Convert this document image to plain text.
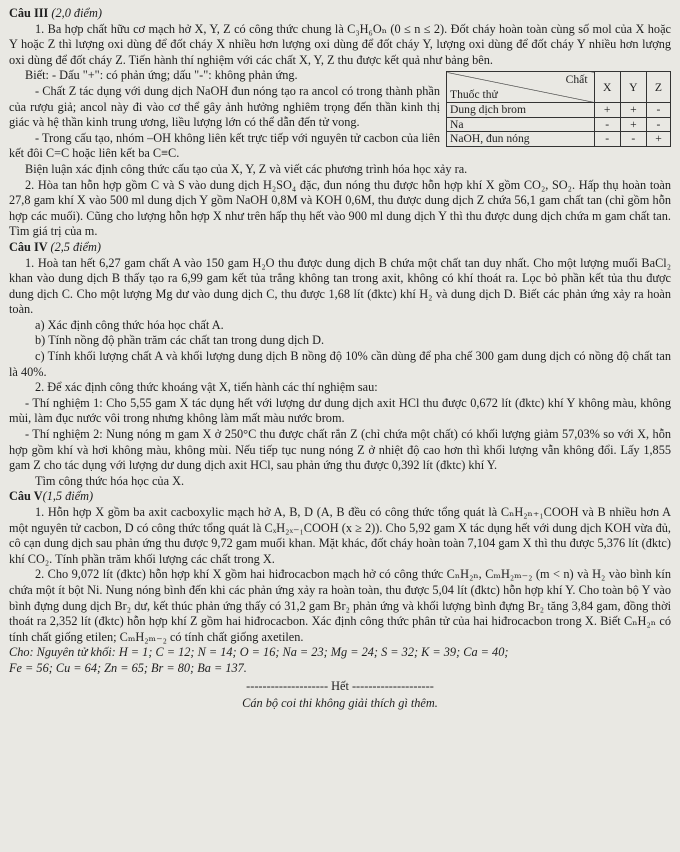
Câu III (2,0 điểm)

1. Ba hợp chất hữu cơ mạch hở X, Y, Z có công thức chung là C₃H₆Oₙ (0 ≤ n ≤ 2). Đốt cháy hoàn toàn cùng số mol của X hoặc Y hoặc Z thì lượng oxi dùng để đốt cháy X nhiều hơn lượng oxi dùng để đốt cháy Y, lượng oxi dùng để đốt cháy Y nhiều hơn lượng oxi dùng để đốt cháy Z. Tiến hành thí nghiệm với các chất X, Y, Z thu được kết quả như bảng bên.

Chất
Thuốc thử	X	Y	Z
Dung dịch brom	+	+	-
Na	-	+	-
NaOH, đun nóng	-	-	+

Biết: - Dấu "+": có phản ứng; dấu "-": không phản ứng.

- Chất Z tác dụng với dung dịch NaOH đun nóng tạo ra ancol có trong thành phần của rượu giả; ancol này đi vào cơ thể gây ảnh hưởng nghiêm trọng đến thần kinh thị giác và hệ thần kinh trung ương, liều lượng lớn có thể dẫn đến tử vong.

- Trong cấu tạo, nhóm –OH không liên kết trực tiếp với nguyên tử cacbon của liên kết đôi C=C hoặc liên kết ba C≡C.

Biện luận xác định công thức cấu tạo của X, Y, Z và viết các phương trình hóa học xảy ra.

2. Hòa tan hỗn hợp gồm C và S vào dung dịch H₂SO₄ đặc, đun nóng thu được hỗn hợp khí X gồm CO₂, SO₂. Hấp thụ hoàn toàn 27,8 gam khí X vào 500 ml dung dịch Y gồm NaOH 0,8M và KOH 0,6M, thu được dung dịch Z chứa 56,1 gam chất tan (chỉ gồm hỗn hợp các muối). Cũng cho lượng hỗn hợp X như trên hấp thụ hết vào 900 ml dung dịch Y thì thu được dung dịch chứa m gam chất tan. Tìm giá trị của m.

Câu IV (2,5 điểm)

1. Hoà tan hết 6,27 gam chất A vào 150 gam H₂O thu được dung dịch B chứa một chất tan duy nhất. Cho một lượng muối BaCl₂ khan vào dung dịch B thấy tạo ra 6,99 gam kết tủa trắng không tan trong axit, không có khí thoát ra. Lọc bỏ phần kết tủa thu được dung dịch C. Cho một lượng Mg dư vào dung dịch C, thu được 1,68 lít (đktc) khí H₂ và dung dịch D. Biết các phản ứng xảy ra hoàn toàn.

a) Xác định công thức hóa học chất A.

b) Tính nồng độ phần trăm các chất tan trong dung dịch D.

c) Tính khối lượng chất A và khối lượng dung dịch B nồng độ 10% cần dùng để pha chế 300 gam dung dịch có nồng độ chất tan là 40%.

2. Để xác định công thức khoáng vật X, tiến hành các thí nghiệm sau:

- Thí nghiệm 1: Cho 5,55 gam X tác dụng hết với lượng dư dung dịch axit HCl thu được 0,672 lít (đktc) khí Y không màu, không mùi, làm đục nước vôi trong nhưng không làm mất màu nước brom.

- Thí nghiệm 2: Nung nóng m gam X ở 250°C thu được chất rắn Z (chỉ chứa một chất) có khối lượng giảm 57,03% so với X, hỗn hợp gồm khí và hơi không màu, không mùi. Nếu tiếp tục nung nóng Z ở nhiệt độ cao hơn thì khối lượng vẫn không đổi. Lấy 1,855 gam Z cho tác dụng với lượng dư dung dịch axit HCl, sau phản ứng thu được 0,392 lít (đktc) khí Y.

Tìm công thức hóa học của X.

Câu V(1,5 điểm)

1. Hỗn hợp X gồm ba axit cacboxylic mạch hở A, B, D (A, B đều có công thức tổng quát là CₙH₂ₙ₊₁COOH và B nhiều hơn A một nguyên tử cacbon, D có công thức tổng quát là CₓH₂ₓ₋₁COOH (x ≥ 2)). Cho 5,92 gam X tác dụng hết với dung dịch KOH vừa đủ, cô cạn dung dịch sau phản ứng thu được 9,72 gam muối khan. Mặt khác, đốt cháy hoàn toàn 7,104 gam X thì thu được 5,376 lít (đktc) khí CO₂. Tính phần trăm khối lượng các chất trong X.

2. Cho 9,072 lít (đktc) hỗn hợp khí X gồm hai hiđrocacbon mạch hở có công thức CₙH₂ₙ, CₘH₂ₘ₋₂ (m < n) và H₂ vào bình kín chứa một ít bột Ni. Nung nóng bình đến khi các phản ứng xảy ra hoàn toàn, thu được 5,04 lít (đktc) hỗn hợp khí Y. Cho toàn bộ Y vào bình đựng dung dịch Br₂ dư, kết thúc phản ứng thấy có 31,2 gam Br₂ phản ứng và khối lượng bình đựng Br₂ tăng 3,84 gam, đồng thời thoát ra 2,352 lít (đktc) hỗn hợp khí Z gồm hai hiđrocacbon. Xác định công thức phân tử của hai hiđrocacbon trong X. Biết CₙH₂ₙ có tính chất giống etilen; CₘH₂ₘ₋₂ có tính chất giống axetilen.

Cho: Nguyên tử khối: H = 1; C = 12; N = 14; O = 16; Na = 23; Mg = 24; S = 32; K = 39; Ca = 40;

Fe = 56; Cu = 64; Zn = 65; Br = 80; Ba = 137.

-------------------- Hết --------------------

Cán bộ coi thi không giải thích gì thêm.
